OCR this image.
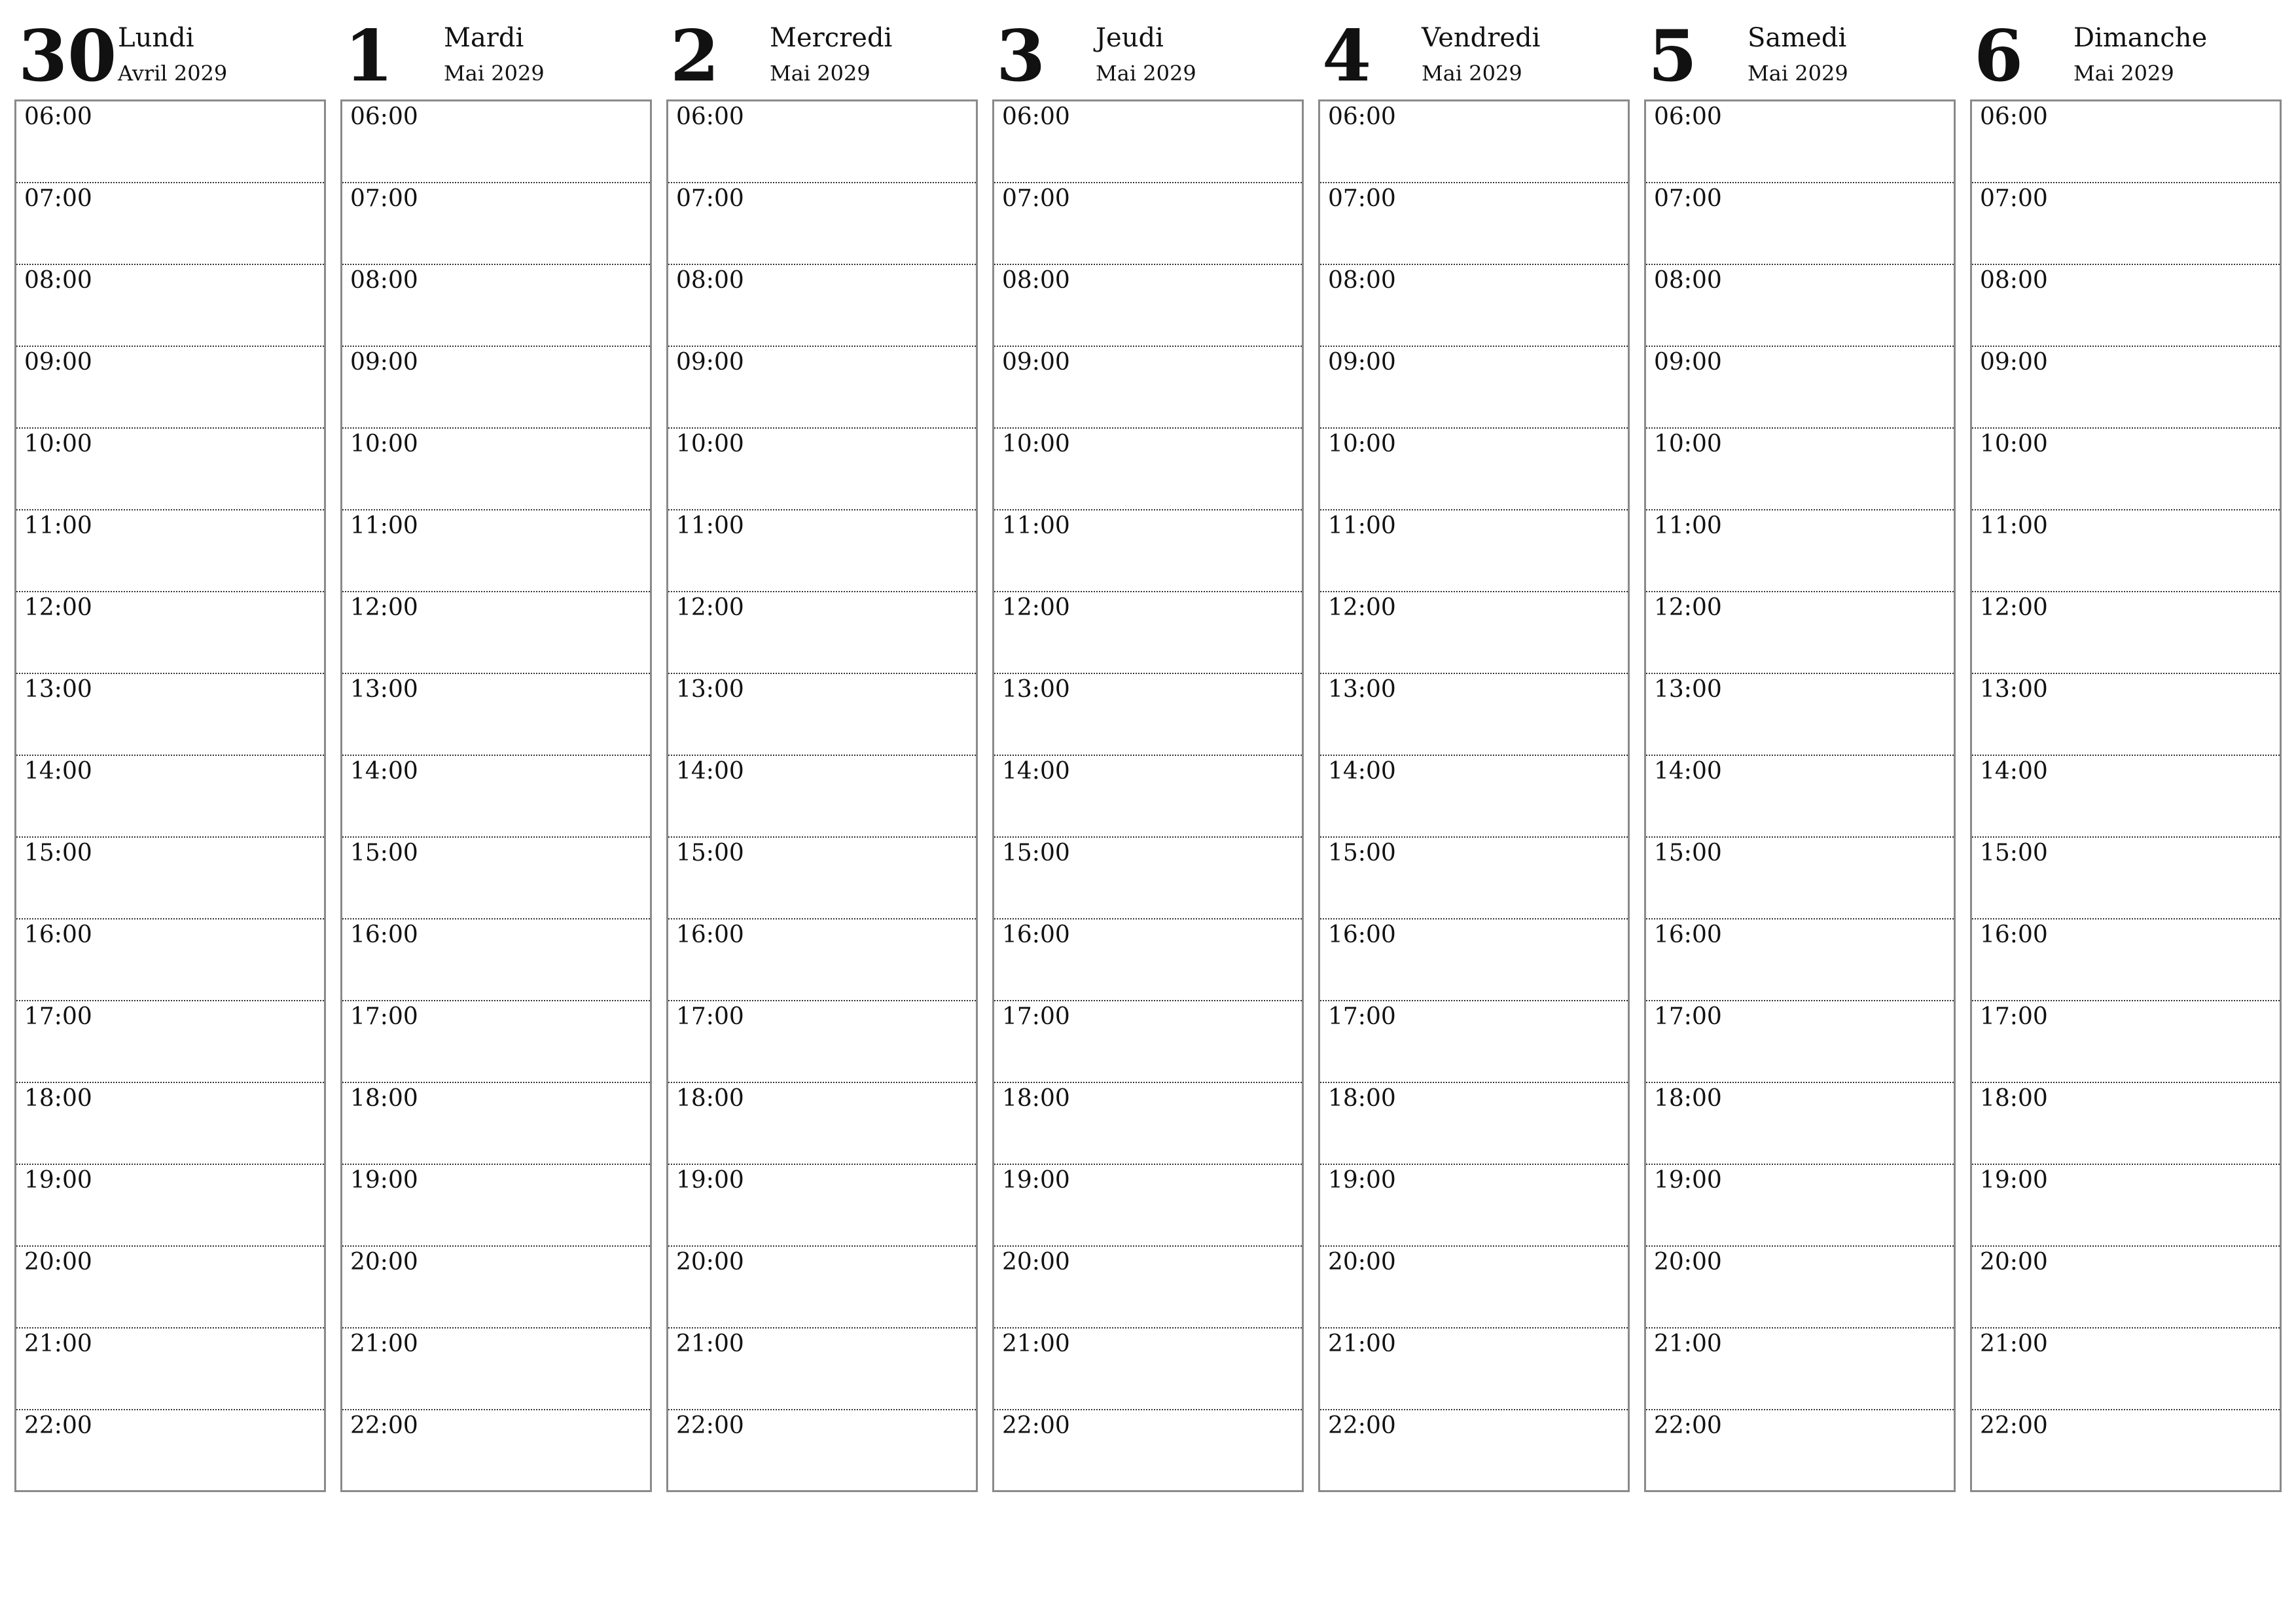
30 Lundi
Avril 2029
06:00
07:00
08:00
09:00
10:00
11:00
12:00
13:00
14:00
15:00
16:00
17:00
18:00
19:00
20:00
21:00
22:00
1 Mardi
Mai 2029
06:00
07:00
08:00
09:00
10:00
11:00
12:00
13:00
14:00
15:00
16:00
17:00
18:00
19:00
20:00
21:00
22:00
2 Mercredi
Mai 2029
06:00
07:00
08:00
09:00
10:00
11:00
12:00
13:00
14:00
15:00
16:00
17:00
18:00
19:00
20:00
21:00
22:00
3 Jeudi
Mai 2029
06:00
07:00
08:00
09:00
10:00
11:00
12:00
13:00
14:00
15:00
16:00
17:00
18:00
19:00
20:00
21:00
22:00
4 Vendredi
Mai 2029
06:00
07:00
08:00
09:00
10:00
11:00
12:00
13:00
14:00
15:00
16:00
17:00
18:00
19:00
20:00
21:00
22:00
5 Samedi
Mai 2029
06:00
07:00
08:00
09:00
10:00
11:00
12:00
13:00
14:00
15:00
16:00
17:00
18:00
19:00
20:00
21:00
22:00
6 Dimanche
Mai 2029
06:00
07:00
08:00
09:00
10:00
11:00
12:00
13:00
14:00
15:00
16:00
17:00
18:00
19:00
20:00
21:00
22:00
